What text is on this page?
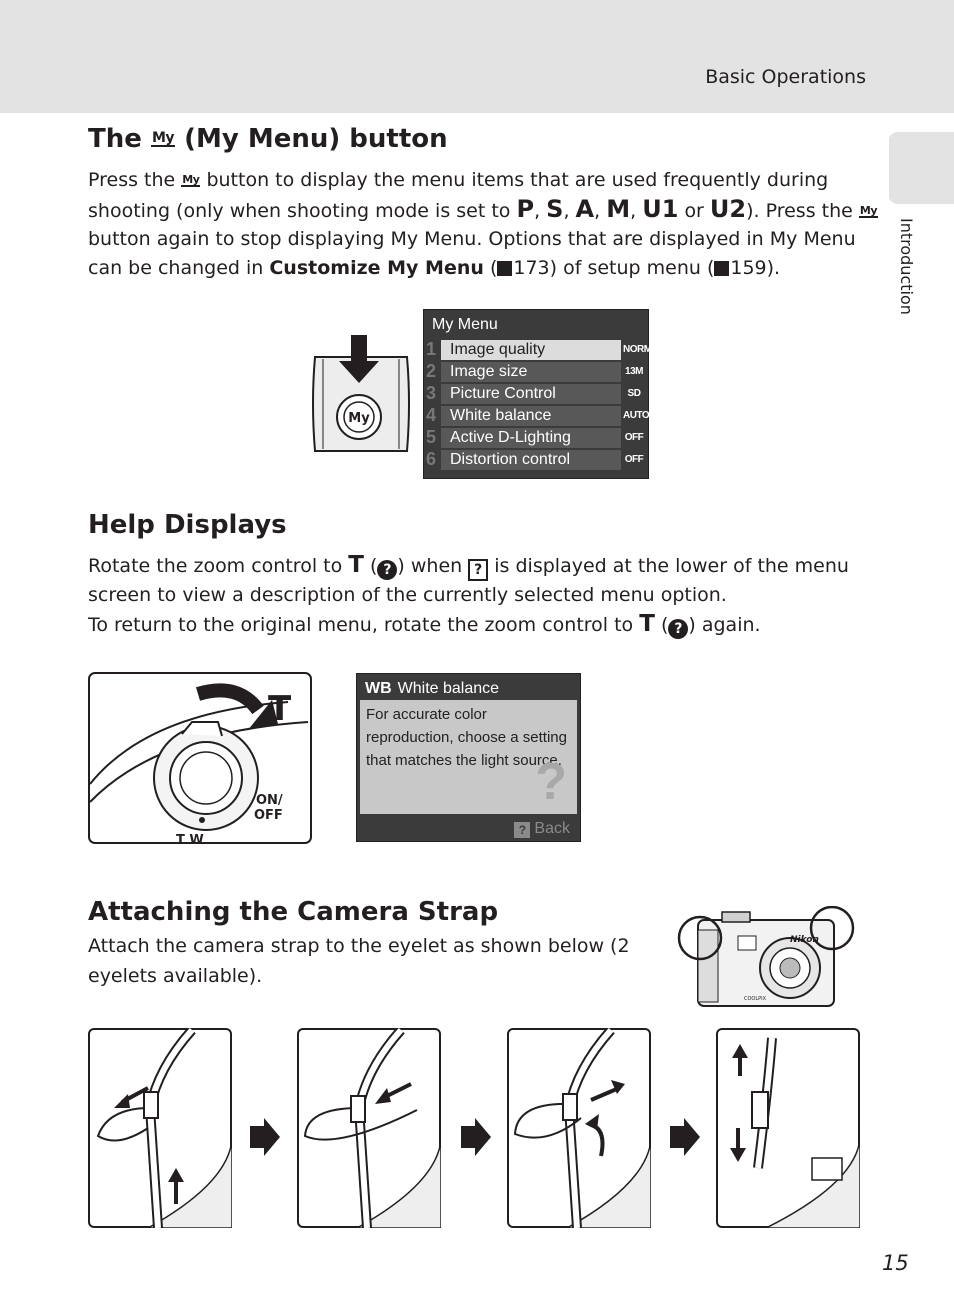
Basic Operations
Introduction
The My (My Menu) button

Press the My button to display the menu items that are used frequently during

shooting (only when shooting mode is set to P, S, A, M, U1 or U2). Press the My

button again to stop displaying My Menu. Options that are displayed in My Menu

can be changed in Customize My Menu ( 173) of setup menu ( 159).

My
My Menu
1 Image quality	NORM
2 Image size	13M
3 Picture Control	SD
4 White balance	AUTO
5 Active D-Lighting	OFF
6 Distortion control	OFF
Help Displays

Rotate the zoom control to T ( ? ) when ? is displayed at the lower of the menu

screen to view a description of the currently selected menu option.

To return to the original menu, rotate the zoom control to T ( ? ) again.

T
ON/
OFF
T W
WB White balance
For accurate color reproduction, choose a setting that matches the light source.
?
? Back
Attaching the Camera Strap

Attach the camera strap to the eyelet as shown below (2

eyelets available).

Nikon
COOLPIX
15
